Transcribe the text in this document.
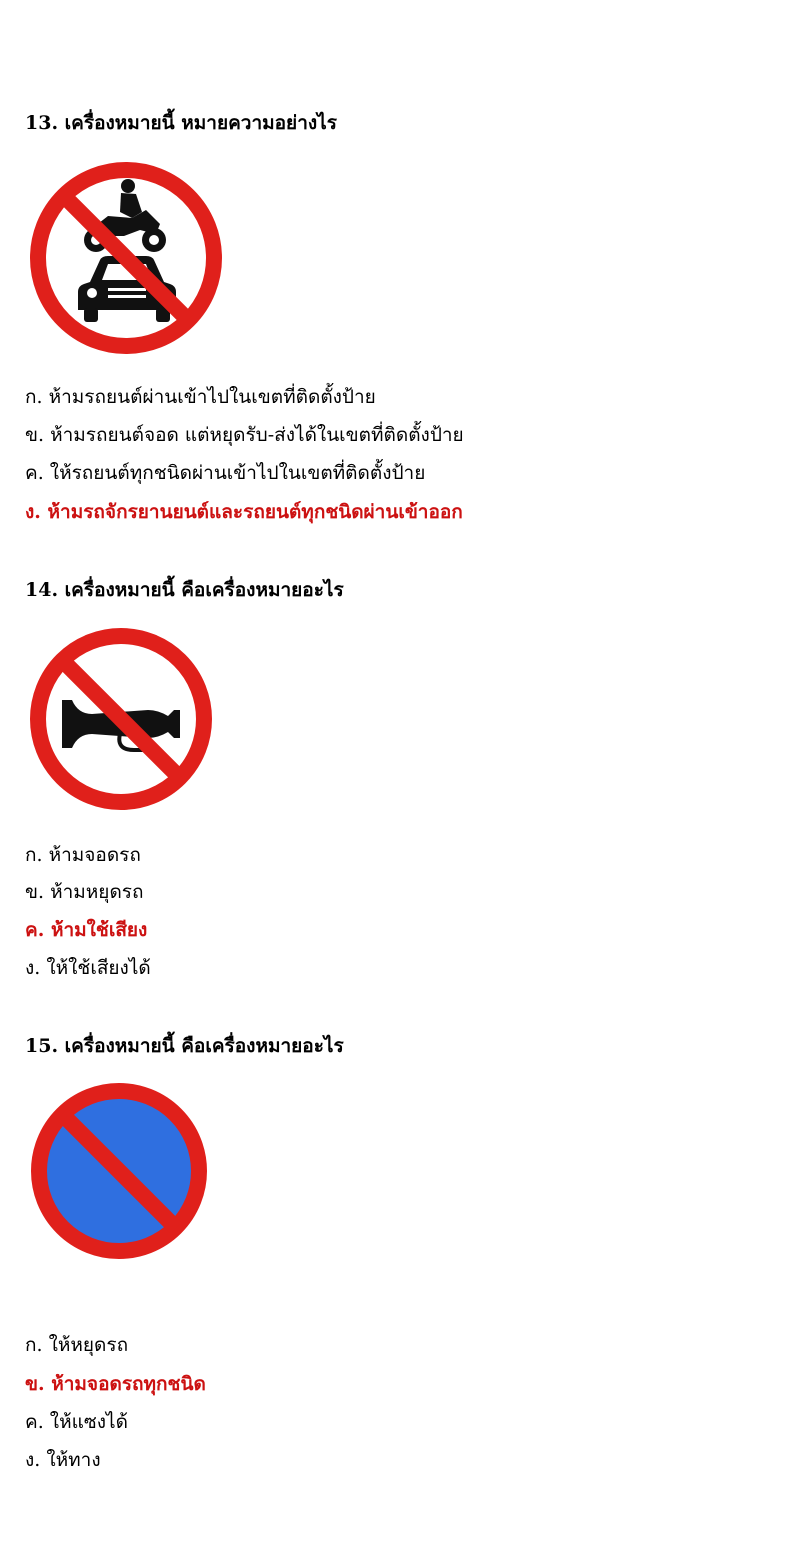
13. เครื่องหมายนี้ หมายความอย่างไร
ก. ห้ามรถยนต์ผ่านเข้าไปในเขตที่ติดตั้งป้าย
ข. ห้ามรถยนต์จอด แต่หยุดรับ-ส่งได้ในเขตที่ติดตั้งป้าย
ค. ให้รถยนต์ทุกชนิดผ่านเข้าไปในเขตที่ติดตั้งป้าย
ง. ห้ามรถจักรยานยนต์และรถยนต์ทุกชนิดผ่านเข้าออก
14. เครื่องหมายนี้ คือเครื่องหมายอะไร
ก. ห้ามจอดรถ
ข. ห้ามหยุดรถ
ค. ห้ามใช้เสียง
ง. ให้ใช้เสียงได้
15. เครื่องหมายนี้ คือเครื่องหมายอะไร
ก. ให้หยุดรถ
ข. ห้ามจอดรถทุกชนิด
ค. ให้แซงได้
ง. ให้ทาง
